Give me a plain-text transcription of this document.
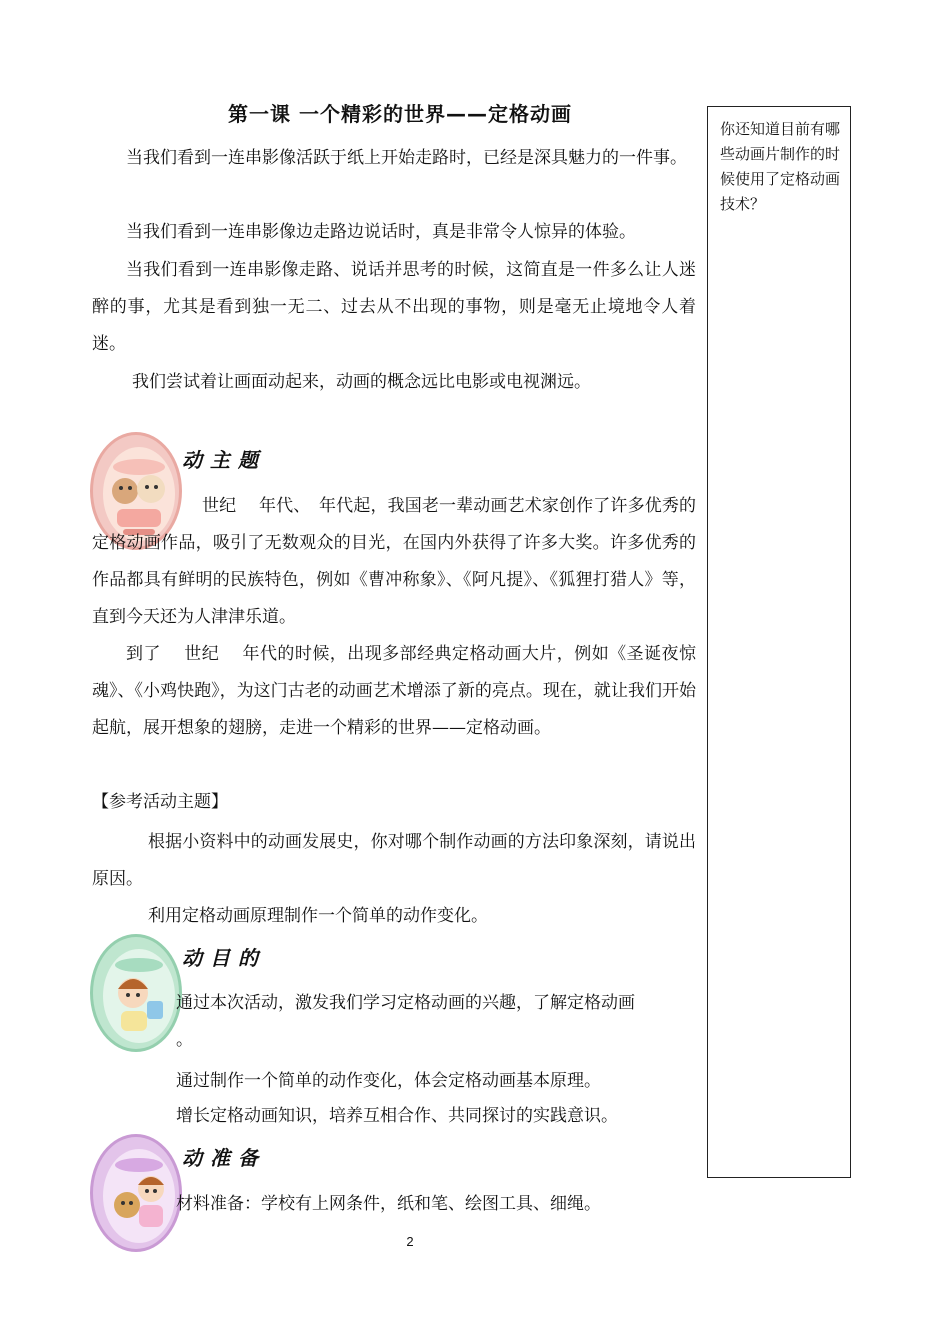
第一课 一个精彩的世界——定格动画
你还知道目前有哪些动画片制作的时候使用了定格动画技术？

当我们看到一连串影像活跃于纸上开始走路时，已经是深具魅力的一件事。

当我们看到一连串影像边走路边说话时，真是非常令人惊异的体验。

当我们看到一连串影像走路、说话并思考的时候，这简直是一件多么让人迷醉的事，尤其是看到独一无二、过去从不出现的事物，则是毫无止境地令人着迷。

我们尝试着让画面动起来，动画的概念远比电影或电视渊远。

动主题

世纪　 年代、　年代起，我国老一辈动画艺术家创作了许多优秀的定格动画作品，吸引了无数观众的目光，在国内外获得了许多大奖。许多优秀的作品都具有鲜明的民族特色，例如《曹冲称象》、《阿凡提》、《狐狸打猎人》等，直到今天还为人津津乐道。

到了　 世纪　 年代的时候，出现多部经典定格动画大片，例如《圣诞夜惊魂》、《小鸡快跑》，为这门古老的动画艺术增添了新的亮点。现在，就让我们开始起航，展开想象的翅膀，走进一个精彩的世界——定格动画。

【参考活动主题】

根据小资料中的动画发展史，你对哪个制作动画的方法印象深刻，请说出原因。

利用定格动画原理制作一个简单的动作变化。

动目的

通过本次活动，激发我们学习定格动画的兴趣，了解定格动画

。

通过制作一个简单的动作变化，体会定格动画基本原理。

增长定格动画知识，培养互相合作、共同探讨的实践意识。

动准备

材料准备：学校有上网条件，纸和笔、绘图工具、细绳。

2
